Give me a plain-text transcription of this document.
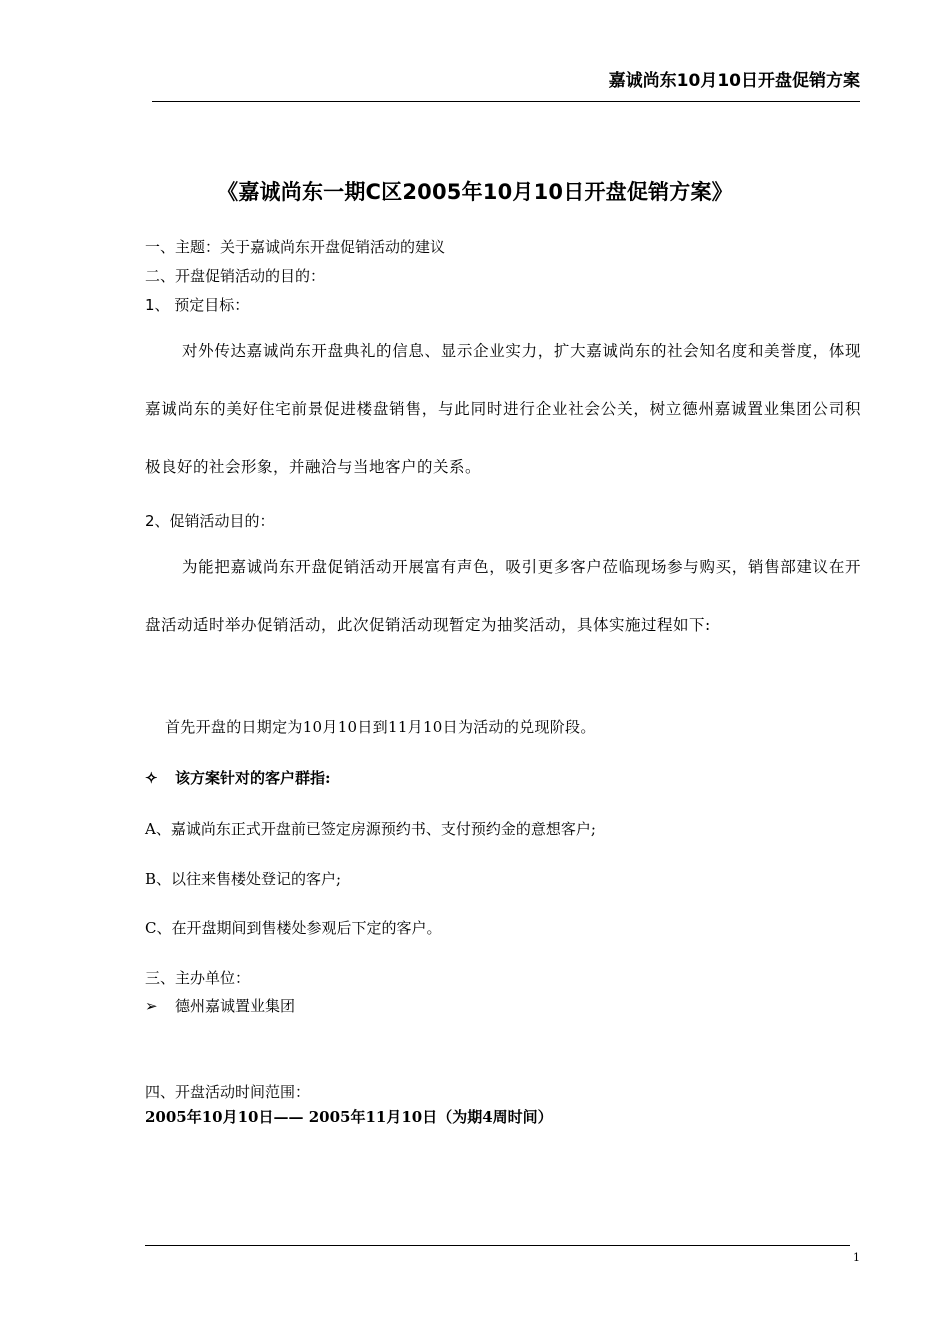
嘉诚尚东10月10日开盘促销方案
《嘉诚尚东一期C区2005年10月10日开盘促销方案》
一、主题：关于嘉诚尚东开盘促销活动的建议
二、开盘促销活动的目的：
1、 预定目标：
对外传达嘉诚尚东开盘典礼的信息、显示企业实力，扩大嘉诚尚东的社会知名度和美誉度，体现嘉诚尚东的美好住宅前景促进楼盘销售，与此同时进行企业社会公关，树立德州嘉诚置业集团公司积极良好的社会形象，并融洽与当地客户的关系。
2、促销活动目的：
为能把嘉诚尚东开盘促销活动开展富有声色，吸引更多客户莅临现场参与购买，销售部建议在开盘活动适时举办促销活动，此次促销活动现暂定为抽奖活动，具体实施过程如下:
首先开盘的日期定为10月10日到11月10日为活动的兑现阶段。
✧ 该方案针对的客户群指:
A、嘉诚尚东正式开盘前已签定房源预约书、支付预约金的意想客户;
B、以往来售楼处登记的客户;
C、在开盘期间到售楼处参观后下定的客户。
三、主办单位：
➢ 德州嘉诚置业集团
四、开盘活动时间范围：
2005年10月10日—— 2005年11月10日（为期4周时间）
1
